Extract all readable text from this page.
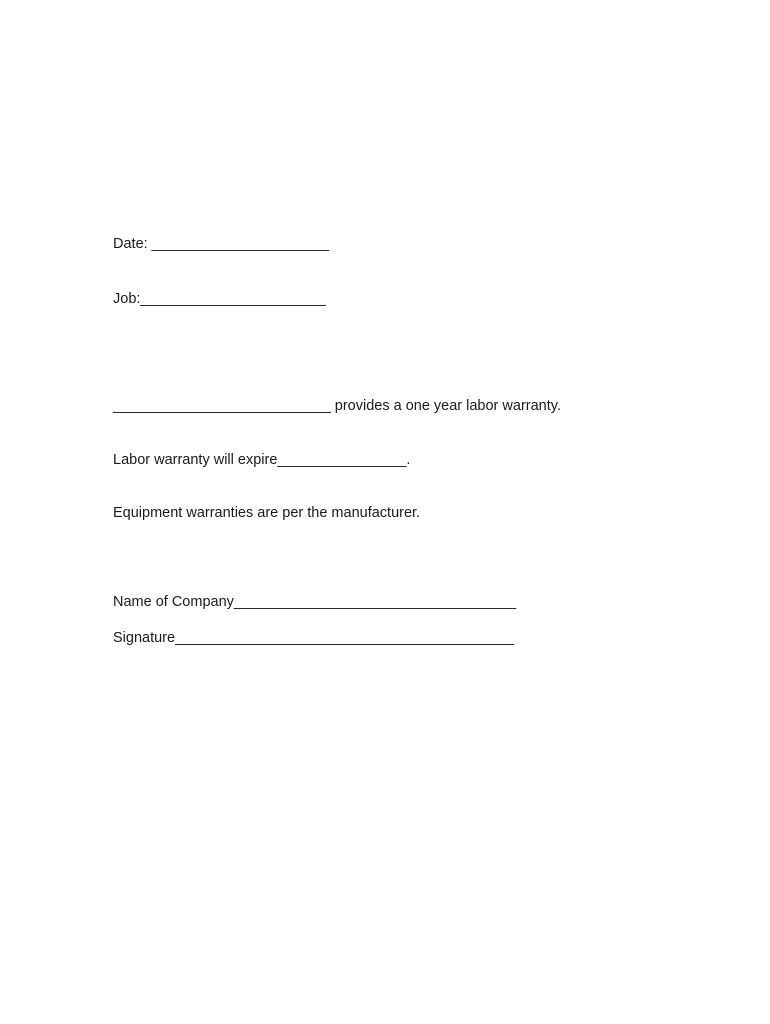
Date: ______________________
Job:_______________________
___________________________ provides a one year labor warranty.
Labor warranty will expire________________.
Equipment warranties are per the manufacturer.
Name of Company___________________________________
Signature__________________________________________
